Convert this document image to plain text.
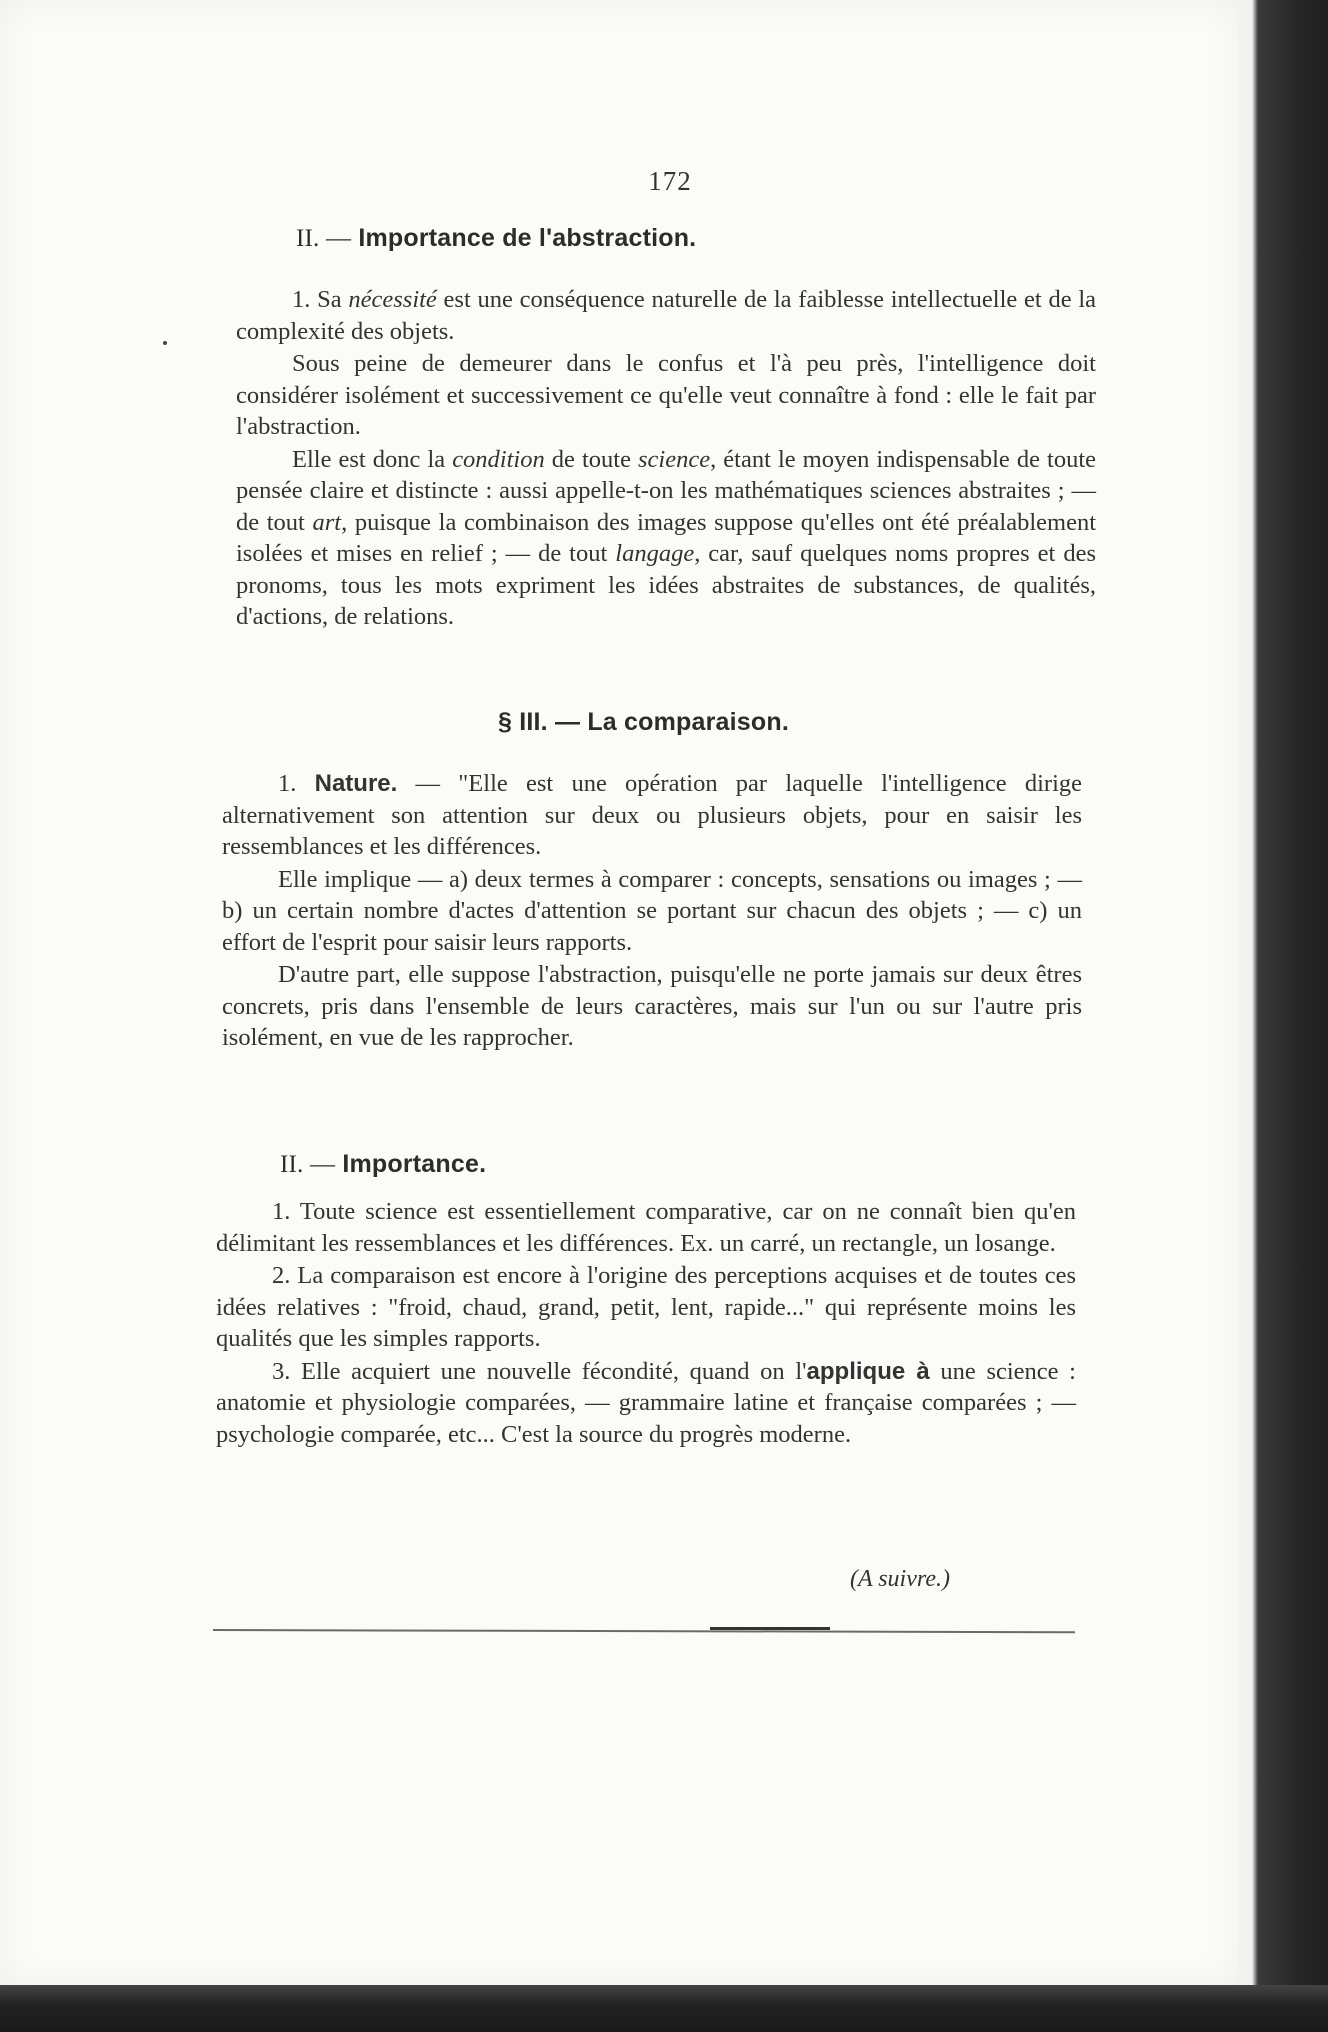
172
II. — Importance de l'abstraction.

1. Sa nécessité est une conséquence naturelle de la faiblesse intellectuelle et de la complexité des objets.

Sous peine de demeurer dans le confus et l'à peu près, l'intelligence doit considérer isolément et successivement ce qu'elle veut connaître à fond : elle le fait par l'abstraction.

Elle est donc la condition de toute science, étant le moyen indispensable de toute pensée claire et distincte : aussi appelle-t-on les mathématiques sciences abstraites ; — de tout art, puisque la combinaison des images suppose qu'elles ont été préalablement isolées et mises en relief ; — de tout langage, car, sauf quelques noms propres et des pronoms, tous les mots expriment les idées abstraites de substances, de qualités, d'actions, de relations.

§ III. — La comparaison.

1. Nature. — "Elle est une opération par laquelle l'intelligence dirige alternativement son attention sur deux ou plusieurs objets, pour en saisir les ressemblances et les différences.

Elle implique — a) deux termes à comparer : concepts, sensations ou images ; — b) un certain nombre d'actes d'attention se portant sur chacun des objets ; — c) un effort de l'esprit pour saisir leurs rapports.

D'autre part, elle suppose l'abstraction, puisqu'elle ne porte jamais sur deux êtres concrets, pris dans l'ensemble de leurs caractères, mais sur l'un ou sur l'autre pris isolément, en vue de les rapprocher.

II. — Importance.

1. Toute science est essentiellement comparative, car on ne connaît bien qu'en délimitant les ressemblances et les différences. Ex. un carré, un rectangle, un losange.

2. La comparaison est encore à l'origine des perceptions acquises et de toutes ces idées relatives : "froid, chaud, grand, petit, lent, rapide..." qui représente moins les qualités que les simples rapports.

3. Elle acquiert une nouvelle fécondité, quand on l'applique à une science : anatomie et physiologie comparées, — grammaire latine et française comparées ; — psychologie comparée, etc... C'est la source du progrès moderne.

(A suivre.)
